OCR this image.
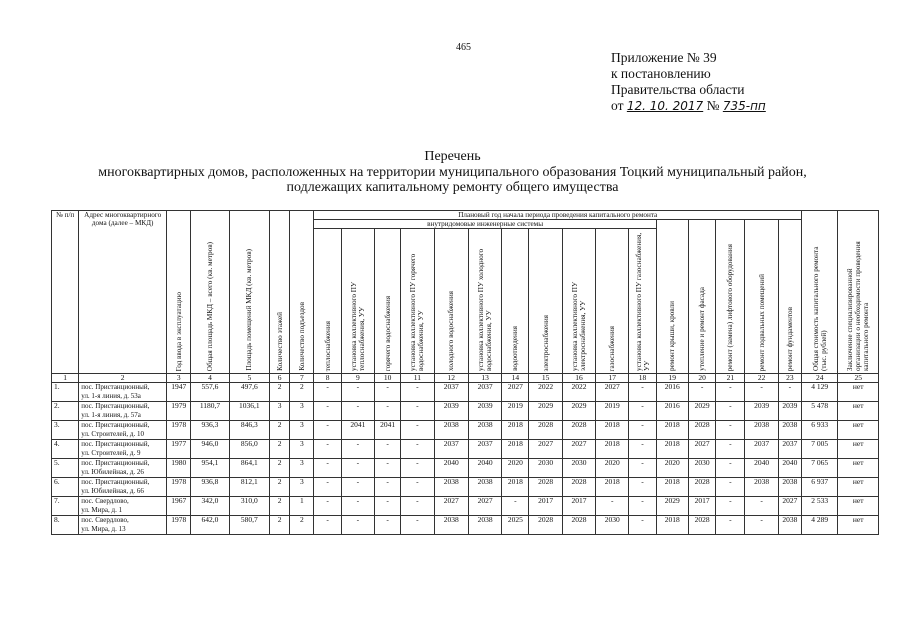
465
Приложение № 39
к постановлению
Правительства области
от 12. 10. 2017 № 735-пп
Перечень
многоквартирных домов, расположенных на территории муниципального образования Тоцкий муниципальный район,
подлежащих капитальному ремонту общего имущества
№ п/п	Адрес многоквартирного дома (далее – МКД)	Год ввода в эксплуатацию	Общая площадь МКД – всего (кв. метров)	Площадь помещений МКД (кв. метров)	Количество этажей	Количество подъездов	Плановый год начала периода проведения капитального ремонта																Общая стоимость капитального ремонта (тыс. рублей)	Заключение специализированной организации о необходимости проведения капитального ремонта

							внутридомовые инженерные системы											ремонт крыши, кровли	утепление и ремонт фасада	ремонт (замена) лифтового оборудования	ремонт подвальных помещений	ремонт фундаментов		

							теплоснабжения	установка коллективного ПУ теплоснабжения, УУ	горячего водоснабжения	установка коллективного ПУ горячего водоснабжения, УУ	холодного водоснабжения	установка коллективного ПУ холодного водоснабжения, УУ	водоотведения	электроснабжения	установка коллективного ПУ электроснабжения, УУ	газоснабжения	установка коллективного ПУ газоснабжения, УУ							

1	2	3	4	5	6	7	8	9	10	11	12	13	14	15	16	17	18	19	20	21	22	23	24	25
1.	пос. Пристанционный,
ул. 1-я линия, д. 53а	1947	557,6	497,6	2	2	-	-	-	-	2037	2037	2027	2022	2022	2027	-	2016	-	-	-	-	4 129	нет
2.	пос. Пристанционный,
ул. 1-я линия, д. 57а	1979	1180,7	1036,1	3	3	-	-	-	-	2039	2039	2019	2029	2029	2019	-	2016	2029	-	2039	2039	5 478	нет
3.	пос. Пристанционный,
ул. Строителей, д. 10	1978	936,3	846,3	2	3	-	2041	2041	-	2038	2038	2018	2028	2028	2018	-	2018	2028	-	2038	2038	6 933	нет
4.	пос. Пристанционный,
ул. Строителей, д. 9	1977	946,0	856,0	2	3	-	-	-	-	2037	2037	2018	2027	2027	2018	-	2018	2027	-	2037	2037	7 005	нет
5.	пос. Пристанционный,
ул. Юбилейная, д. 26	1980	954,1	864,1	2	3	-	-	-	-	2040	2040	2020	2030	2030	2020	-	2020	2030	-	2040	2040	7 065	нет
6.	пос. Пристанционный,
ул. Юбилейная, д. 66	1978	936,8	812,1	2	3	-	-	-	-	2038	2038	2018	2028	2028	2018	-	2018	2028	-	2038	2038	6 937	нет
7.	пос. Свердлово,
ул. Мира, д. 1	1967	342,0	310,0	2	1	-	-	-	-	2027	2027	-	2017	2017	-	-	2029	2017	-	-	2027	2 533	нет
8.	пос. Свердлово,
ул. Мира, д. 13	1978	642,0	580,7	2	2	-	-	-	-	2038	2038	2025	2028	2028	2030	-	2018	2028	-	-	2038	4 289	нет
